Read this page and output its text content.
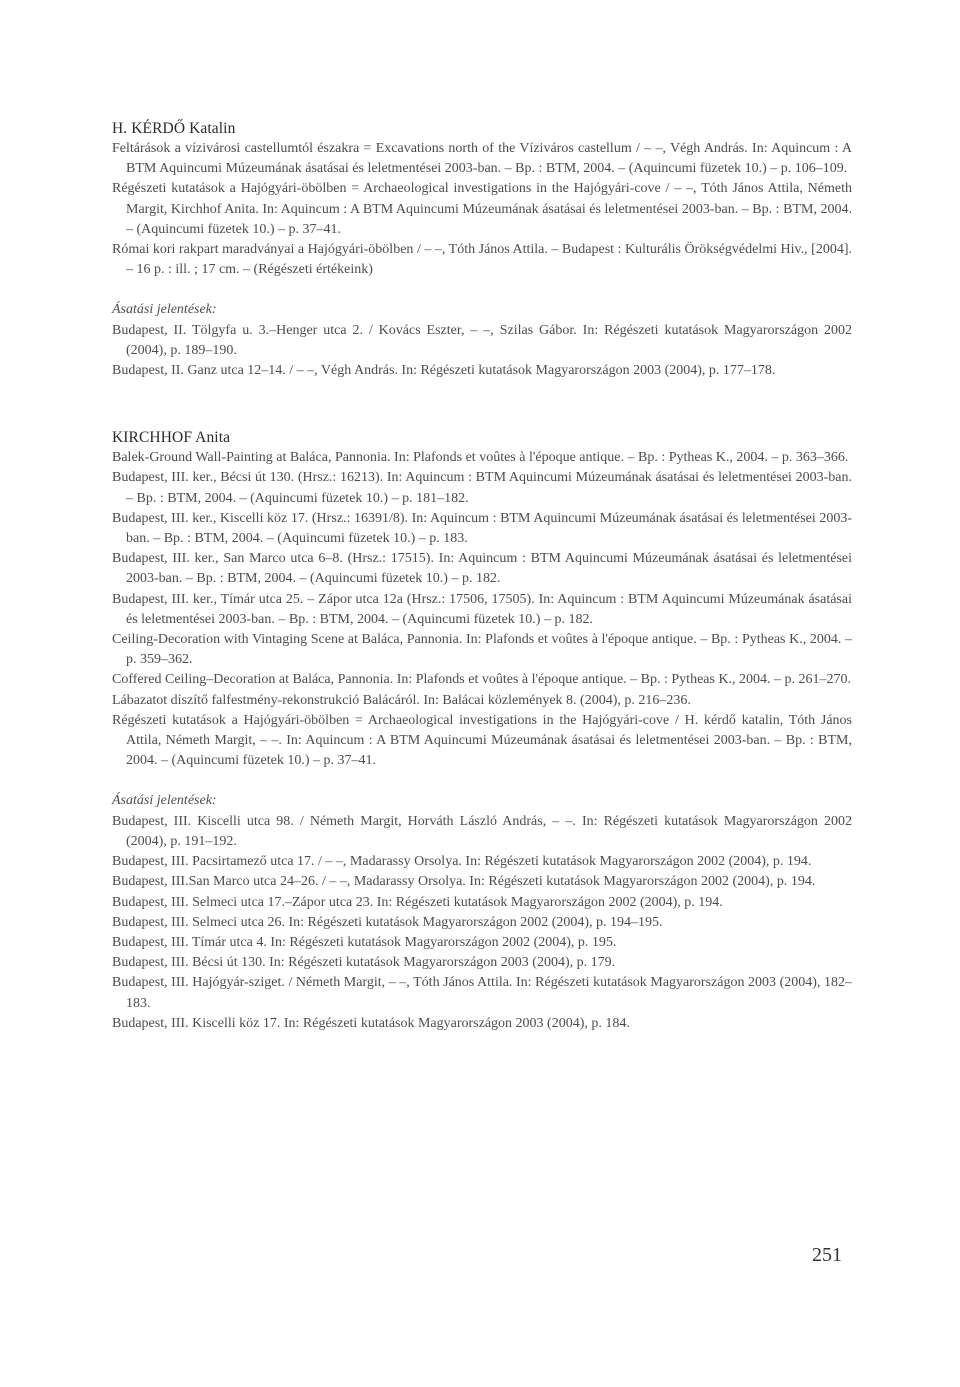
H. KÉRDŐ Katalin

Feltárások a vízivárosi castellumtól északra = Excavations north of the Víziváros castellum / – –, Végh András. In: Aquincum : A BTM Aquincumi Múzeumának ásatásai és leletmentései 2003-ban. – Bp. : BTM, 2004. – (Aquincumi füzetek 10.) – p. 106–109.

Régészeti kutatások a Hajógyári-öbölben = Archaeological investigations in the Hajógyári-cove / – –, Tóth János Attila, Németh Margit, Kirchhof Anita. In: Aquincum : A BTM Aquincumi Múzeumának ásatásai és leletmentései 2003-ban. – Bp. : BTM, 2004. – (Aquincumi füzetek 10.) – p. 37–41.

Római kori rakpart maradványai a Hajógyári-öbölben / – –, Tóth János Attila. – Budapest : Kulturális Örökségvédelmi Hiv., [2004]. – 16 p. : ill. ; 17 cm. – (Régészeti értékeink)

Ásatási jelentések:

Budapest, II. Tölgyfa u. 3.–Henger utca 2. / Kovács Eszter, – –, Szilas Gábor. In: Régészeti kutatások Magyarországon 2002 (2004), p. 189–190.

Budapest, II. Ganz utca 12–14. / – –, Végh András. In: Régészeti kutatások Magyarországon 2003 (2004), p. 177–178.

KIRCHHOF Anita

Balek-Ground Wall-Painting at Baláca, Pannonia. In: Plafonds et voûtes à l'époque antique. – Bp. : Pytheas K., 2004. – p. 363–366.

Budapest, III. ker., Bécsi út 130. (Hrsz.: 16213). In: Aquincum : BTM Aquincumi Múzeumának ásatásai és leletmentései 2003-ban. – Bp. : BTM, 2004. – (Aquincumi füzetek 10.) – p. 181–182.

Budapest, III. ker., Kiscelli köz 17. (Hrsz.: 16391/8). In: Aquincum : BTM Aquincumi Múzeumának ásatásai és leletmentései 2003-ban. – Bp. : BTM, 2004. – (Aquincumi füzetek 10.) – p. 183.

Budapest, III. ker., San Marco utca 6–8. (Hrsz.: 17515). In: Aquincum : BTM Aquincumi Múzeumának ásatásai és leletmentései 2003-ban. – Bp. : BTM, 2004. – (Aquincumi füzetek 10.) – p. 182.

Budapest, III. ker., Tímár utca 25. – Zápor utca 12a (Hrsz.: 17506, 17505). In: Aquincum : BTM Aquincumi Múzeumának ásatásai és leletmentései 2003-ban. – Bp. : BTM, 2004. – (Aquincumi füzetek 10.) – p. 182.

Ceiling-Decoration with Vintaging Scene at Baláca, Pannonia. In: Plafonds et voûtes à l'époque antique. – Bp. : Pytheas K., 2004. – p. 359–362.

Coffered Ceiling–Decoration at Baláca, Pannonia. In: Plafonds et voûtes à l'époque antique. – Bp. : Pytheas K., 2004. – p. 261–270.

Lábazatot díszítő falfestmény-rekonstrukció Balácáról. In: Balácai közlemények 8. (2004), p. 216–236.

Régészeti kutatások a Hajógyári-öbölben = Archaeological investigations in the Hajógyári-cove / H. kérdő katalin, Tóth János Attila, Németh Margit, – –. In: Aquincum : A BTM Aquincumi Múzeumának ásatásai és leletmentései 2003-ban. – Bp. : BTM, 2004. – (Aquincumi füzetek 10.) – p. 37–41.

Ásatási jelentések:

Budapest, III. Kiscelli utca 98. / Németh Margit, Horváth László András, – –. In: Régészeti kutatások Magyarországon 2002 (2004), p. 191–192.

Budapest, III. Pacsirtamező utca 17. / – –, Madarassy Orsolya. In: Régészeti kutatások Magyarországon 2002 (2004), p. 194.

Budapest, III.San Marco utca 24–26. / – –, Madarassy Orsolya. In: Régészeti kutatások Magyarországon 2002 (2004), p. 194.

Budapest, III. Selmeci utca 17.–Zápor utca 23. In: Régészeti kutatások Magyarországon 2002 (2004), p. 194.

Budapest, III. Selmeci utca 26. In: Régészeti kutatások Magyarországon 2002 (2004), p. 194–195.

Budapest, III. Tímár utca 4. In: Régészeti kutatások Magyarországon 2002 (2004), p. 195.

Budapest, III. Bécsi út 130. In: Régészeti kutatások Magyarországon 2003 (2004), p. 179.

Budapest, III. Hajógyár-sziget. / Németh Margit, – –, Tóth János Attila. In: Régészeti kutatások Magyarországon 2003 (2004), 182–183.

Budapest, III. Kiscelli köz 17. In: Régészeti kutatások Magyarországon 2003 (2004), p. 184.

251
